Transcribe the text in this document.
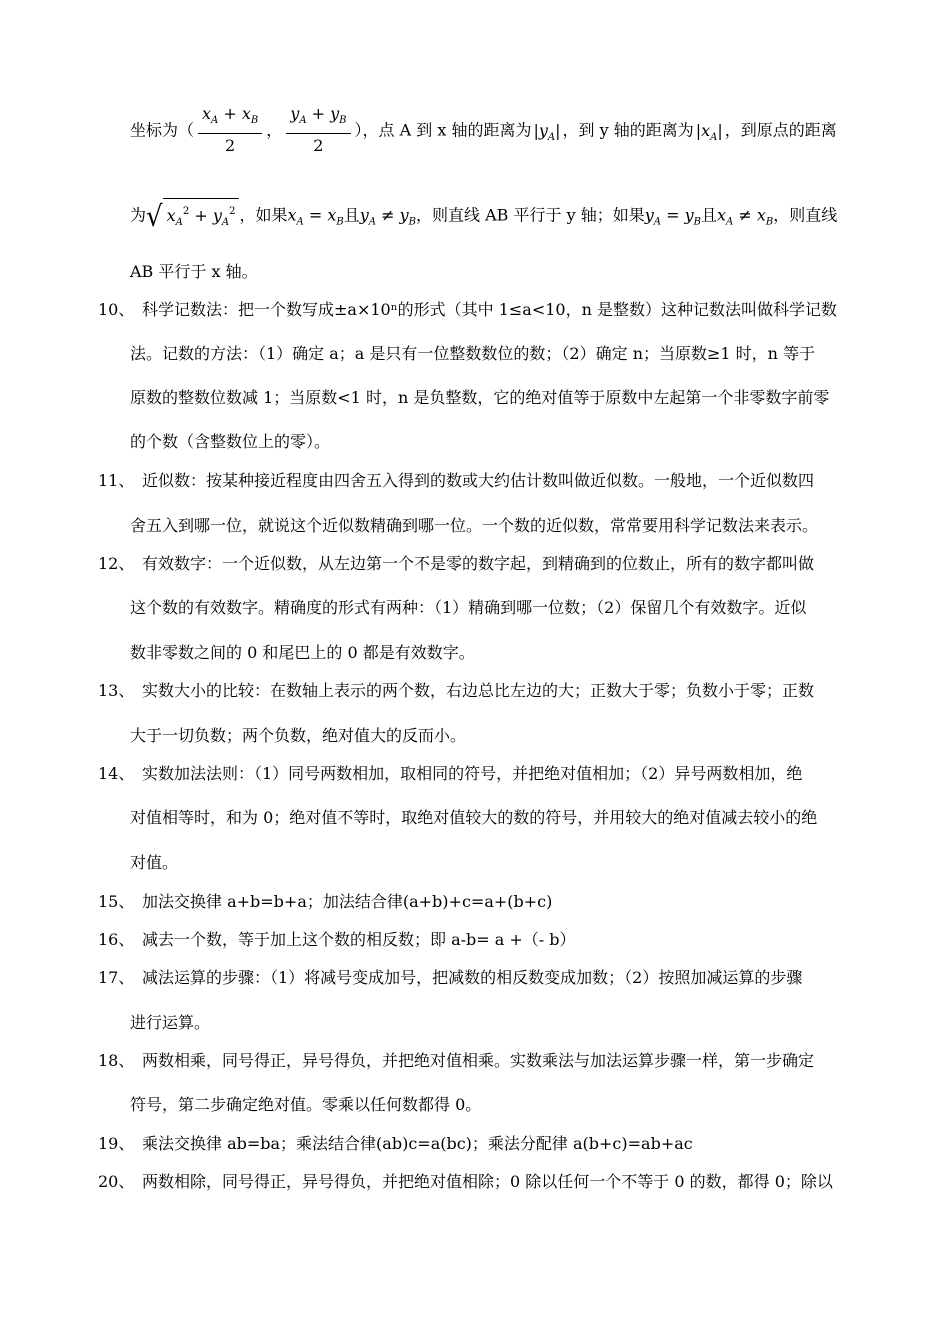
坐标为（ $\frac{x_A + x_B}{2}$ ， $\frac{y_A + y_B}{2}$ ），点 A 到 x 轴的距离为 | $y_A$ | ，到 y 轴的距离为 | $x_A$ | ，到原点的距离
为√ $x_A^2 + y_A^2$ ，如果$x_A = x_B$且$y_A \ne y_B$，则直线 AB 平行于 y 轴；如果$y_A = y_B$且$x_A \ne x_B$，则直线
AB 平行于 x 轴。
10、 科学记数法：把一个数写成±a×10ⁿ的形式（其中 1≤a<10，n 是整数）这种记数法叫做科学记数
法。记数的方法：（1）确定 a；a 是只有一位整数数位的数；（2）确定 n；当原数≥1 时，n 等于
原数的整数位数减 1；当原数<1 时，n 是负整数，它的绝对值等于原数中左起第一个非零数字前零
的个数（含整数位上的零）。
11、 近似数：按某种接近程度由四舍五入得到的数或大约估计数叫做近似数。一般地，一个近似数四
舍五入到哪一位，就说这个近似数精确到哪一位。一个数的近似数，常常要用科学记数法来表示。
12、 有效数字：一个近似数，从左边第一个不是零的数字起，到精确到的位数止，所有的数字都叫做
这个数的有效数字。精确度的形式有两种：（1）精确到哪一位数；（2）保留几个有效数字。近似
数非零数之间的 0 和尾巴上的 0 都是有效数字。
13、 实数大小的比较：在数轴上表示的两个数，右边总比左边的大；正数大于零；负数小于零；正数
大于一切负数；两个负数，绝对值大的反而小。
14、 实数加法法则：（1）同号两数相加，取相同的符号，并把绝对值相加；（2）异号两数相加，绝
对值相等时，和为 0；绝对值不等时，取绝对值较大的数的符号，并用较大的绝对值减去较小的绝
对值。
15、 加法交换律 a+b=b+a；加法结合律(a+b)+c=a+(b+c)
16、 减去一个数，等于加上这个数的相反数；即 a-b= a +（- b）
17、 减法运算的步骤：（1）将减号变成加号，把减数的相反数变成加数；（2）按照加减运算的步骤
进行运算。
18、 两数相乘，同号得正，异号得负，并把绝对值相乘。实数乘法与加法运算步骤一样，第一步确定
符号，第二步确定绝对值。零乘以任何数都得 0。
19、 乘法交换律 ab=ba；乘法结合律(ab)c=a(bc)；乘法分配律 a(b+c)=ab+ac
20、 两数相除，同号得正，异号得负，并把绝对值相除；0 除以任何一个不等于 0 的数，都得 0；除以
